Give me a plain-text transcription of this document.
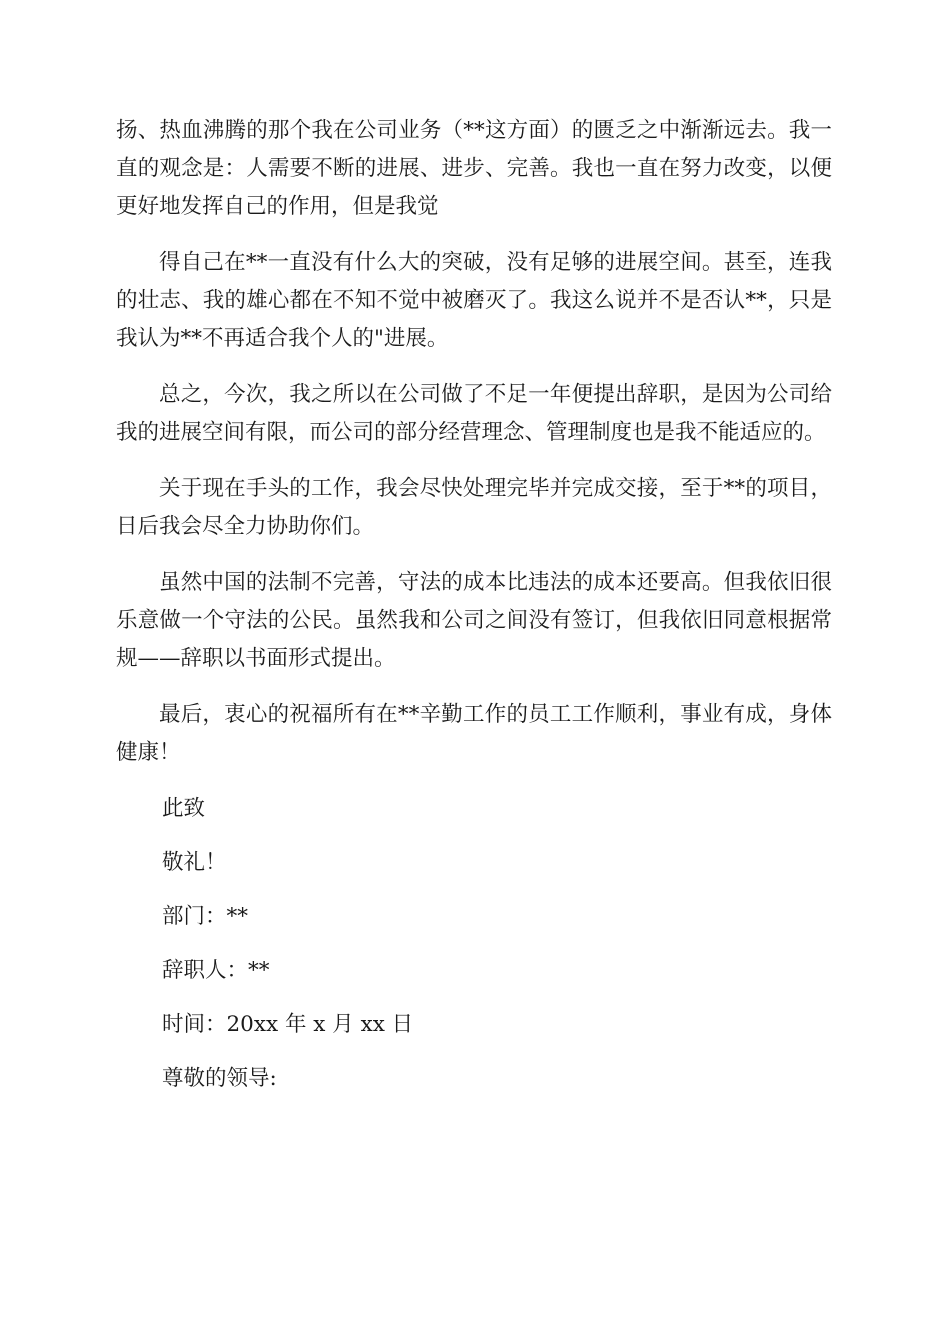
扬、热血沸腾的那个我在公司业务（**这方面）的匮乏之中渐渐远去。我一直的观念是：人需要不断的进展、进步、完善。我也一直在努力改变，以便更好地发挥自己的作用，但是我觉

得自己在**一直没有什么大的突破，没有足够的进展空间。甚至，连我的壮志、我的雄心都在不知不觉中被磨灭了。我这么说并不是否认**，只是我认为**不再适合我个人的"进展。

总之，今次，我之所以在公司做了不足一年便提出辞职，是因为公司给我的进展空间有限，而公司的部分经营理念、管理制度也是我不能适应的。

关于现在手头的工作，我会尽快处理完毕并完成交接，至于**的项目，日后我会尽全力协助你们。

虽然中国的法制不完善，守法的成本比违法的成本还要高。但我依旧很乐意做一个守法的公民。虽然我和公司之间没有签订，但我依旧同意根据常规——辞职以书面形式提出。

最后，衷心的祝福所有在**辛勤工作的员工工作顺利，事业有成，身体健康！

此致
敬礼！
部门：**
辞职人：**
时间：20xx 年 x 月 xx 日
尊敬的领导:
